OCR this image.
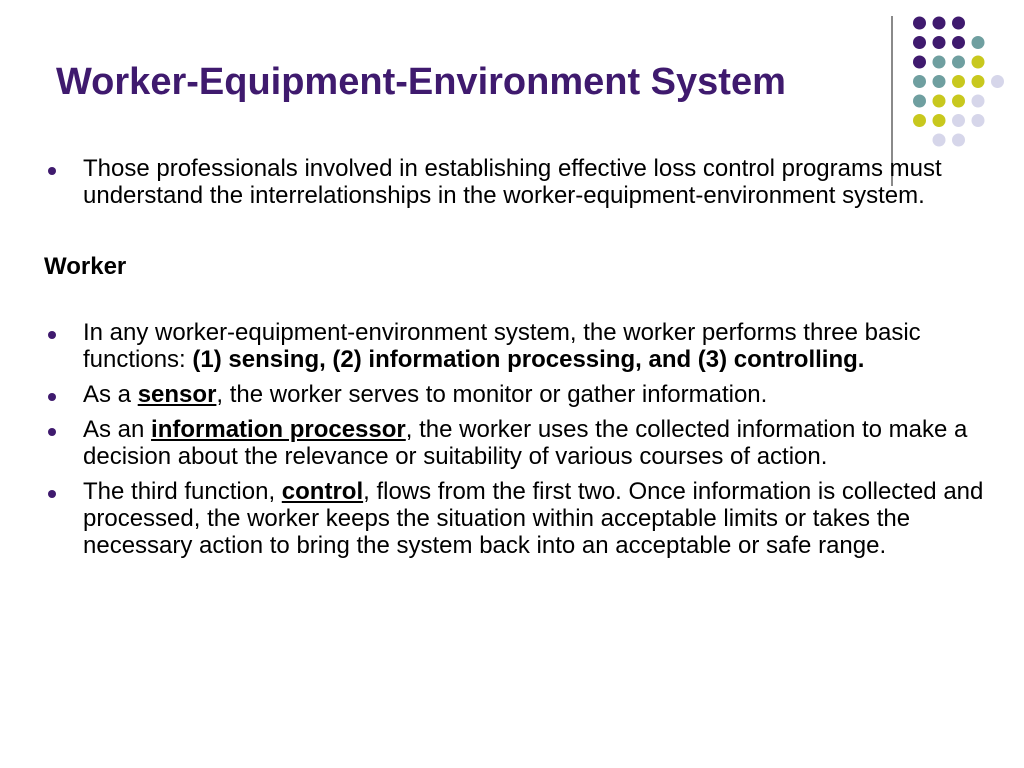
Worker-Equipment-Environment System
Those professionals involved in establishing effective loss control programs must understand the interrelationships in the worker-equipment-environment system.
Worker
In any worker-equipment-environment system, the worker performs three basic functions: (1) sensing, (2) information processing, and (3) controlling.
As a sensor, the worker serves to monitor or gather information.
As an information processor, the worker uses the collected information to make a decision about the relevance or suitability of various courses of action.
The third function, control, flows from the first two. Once information is collected and processed, the worker keeps the situation within acceptable limits or takes the necessary action to bring the system back into an acceptable or safe range.
